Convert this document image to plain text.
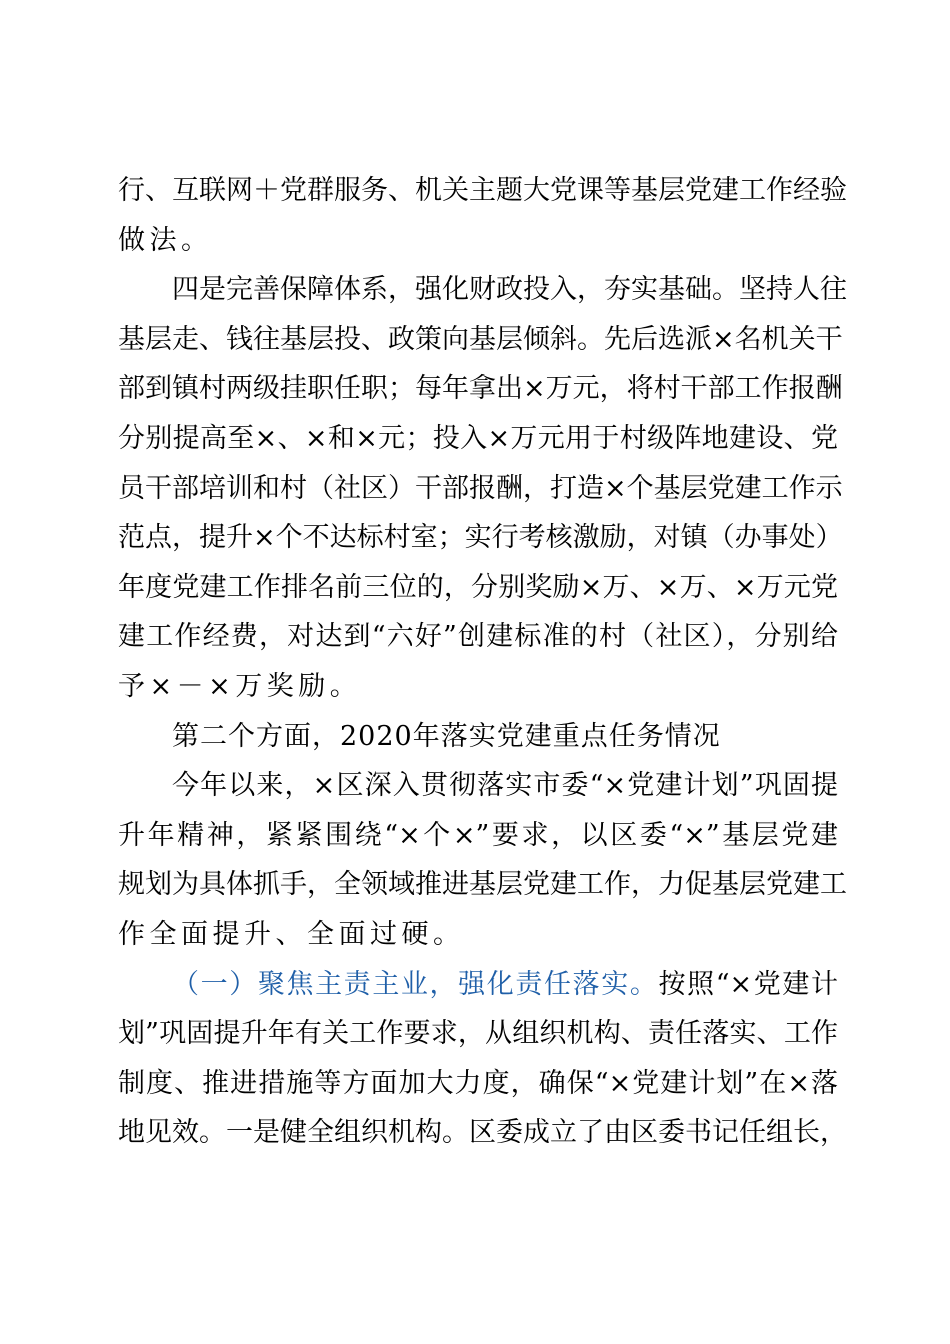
行、互联网＋党群服务、机关主题大党课等基层党建工作经验
做法。
四是完善保障体系，强化财政投入，夯实基础。坚持人往
基层走、钱往基层投、政策向基层倾斜。先后选派×名机关干
部到镇村两级挂职任职；每年拿出×万元，将村干部工作报酬
分别提高至×、×和×元；投入×万元用于村级阵地建设、党
员干部培训和村（社区）干部报酬，打造×个基层党建工作示
范点，提升×个不达标村室；实行考核激励，对镇（办事处）
年度党建工作排名前三位的，分别奖励×万、×万、×万元党
建工作经费，对达到“六好”创建标准的村（社区），分别给
予×－×万奖励。
第二个方面，2020年落实党建重点任务情况
今年以来，×区深入贯彻落实市委“×党建计划”巩固提
升年精神，紧紧围绕“×个×”要求，以区委“×”基层党建
规划为具体抓手，全领域推进基层党建工作，力促基层党建工
作全面提升、全面过硬。
（一）聚焦主责主业，强化责任落实。按照“×党建计
划”巩固提升年有关工作要求，从组织机构、责任落实、工作
制度、推进措施等方面加大力度，确保“×党建计划”在×落
地见效。一是健全组织机构。区委成立了由区委书记任组长，
